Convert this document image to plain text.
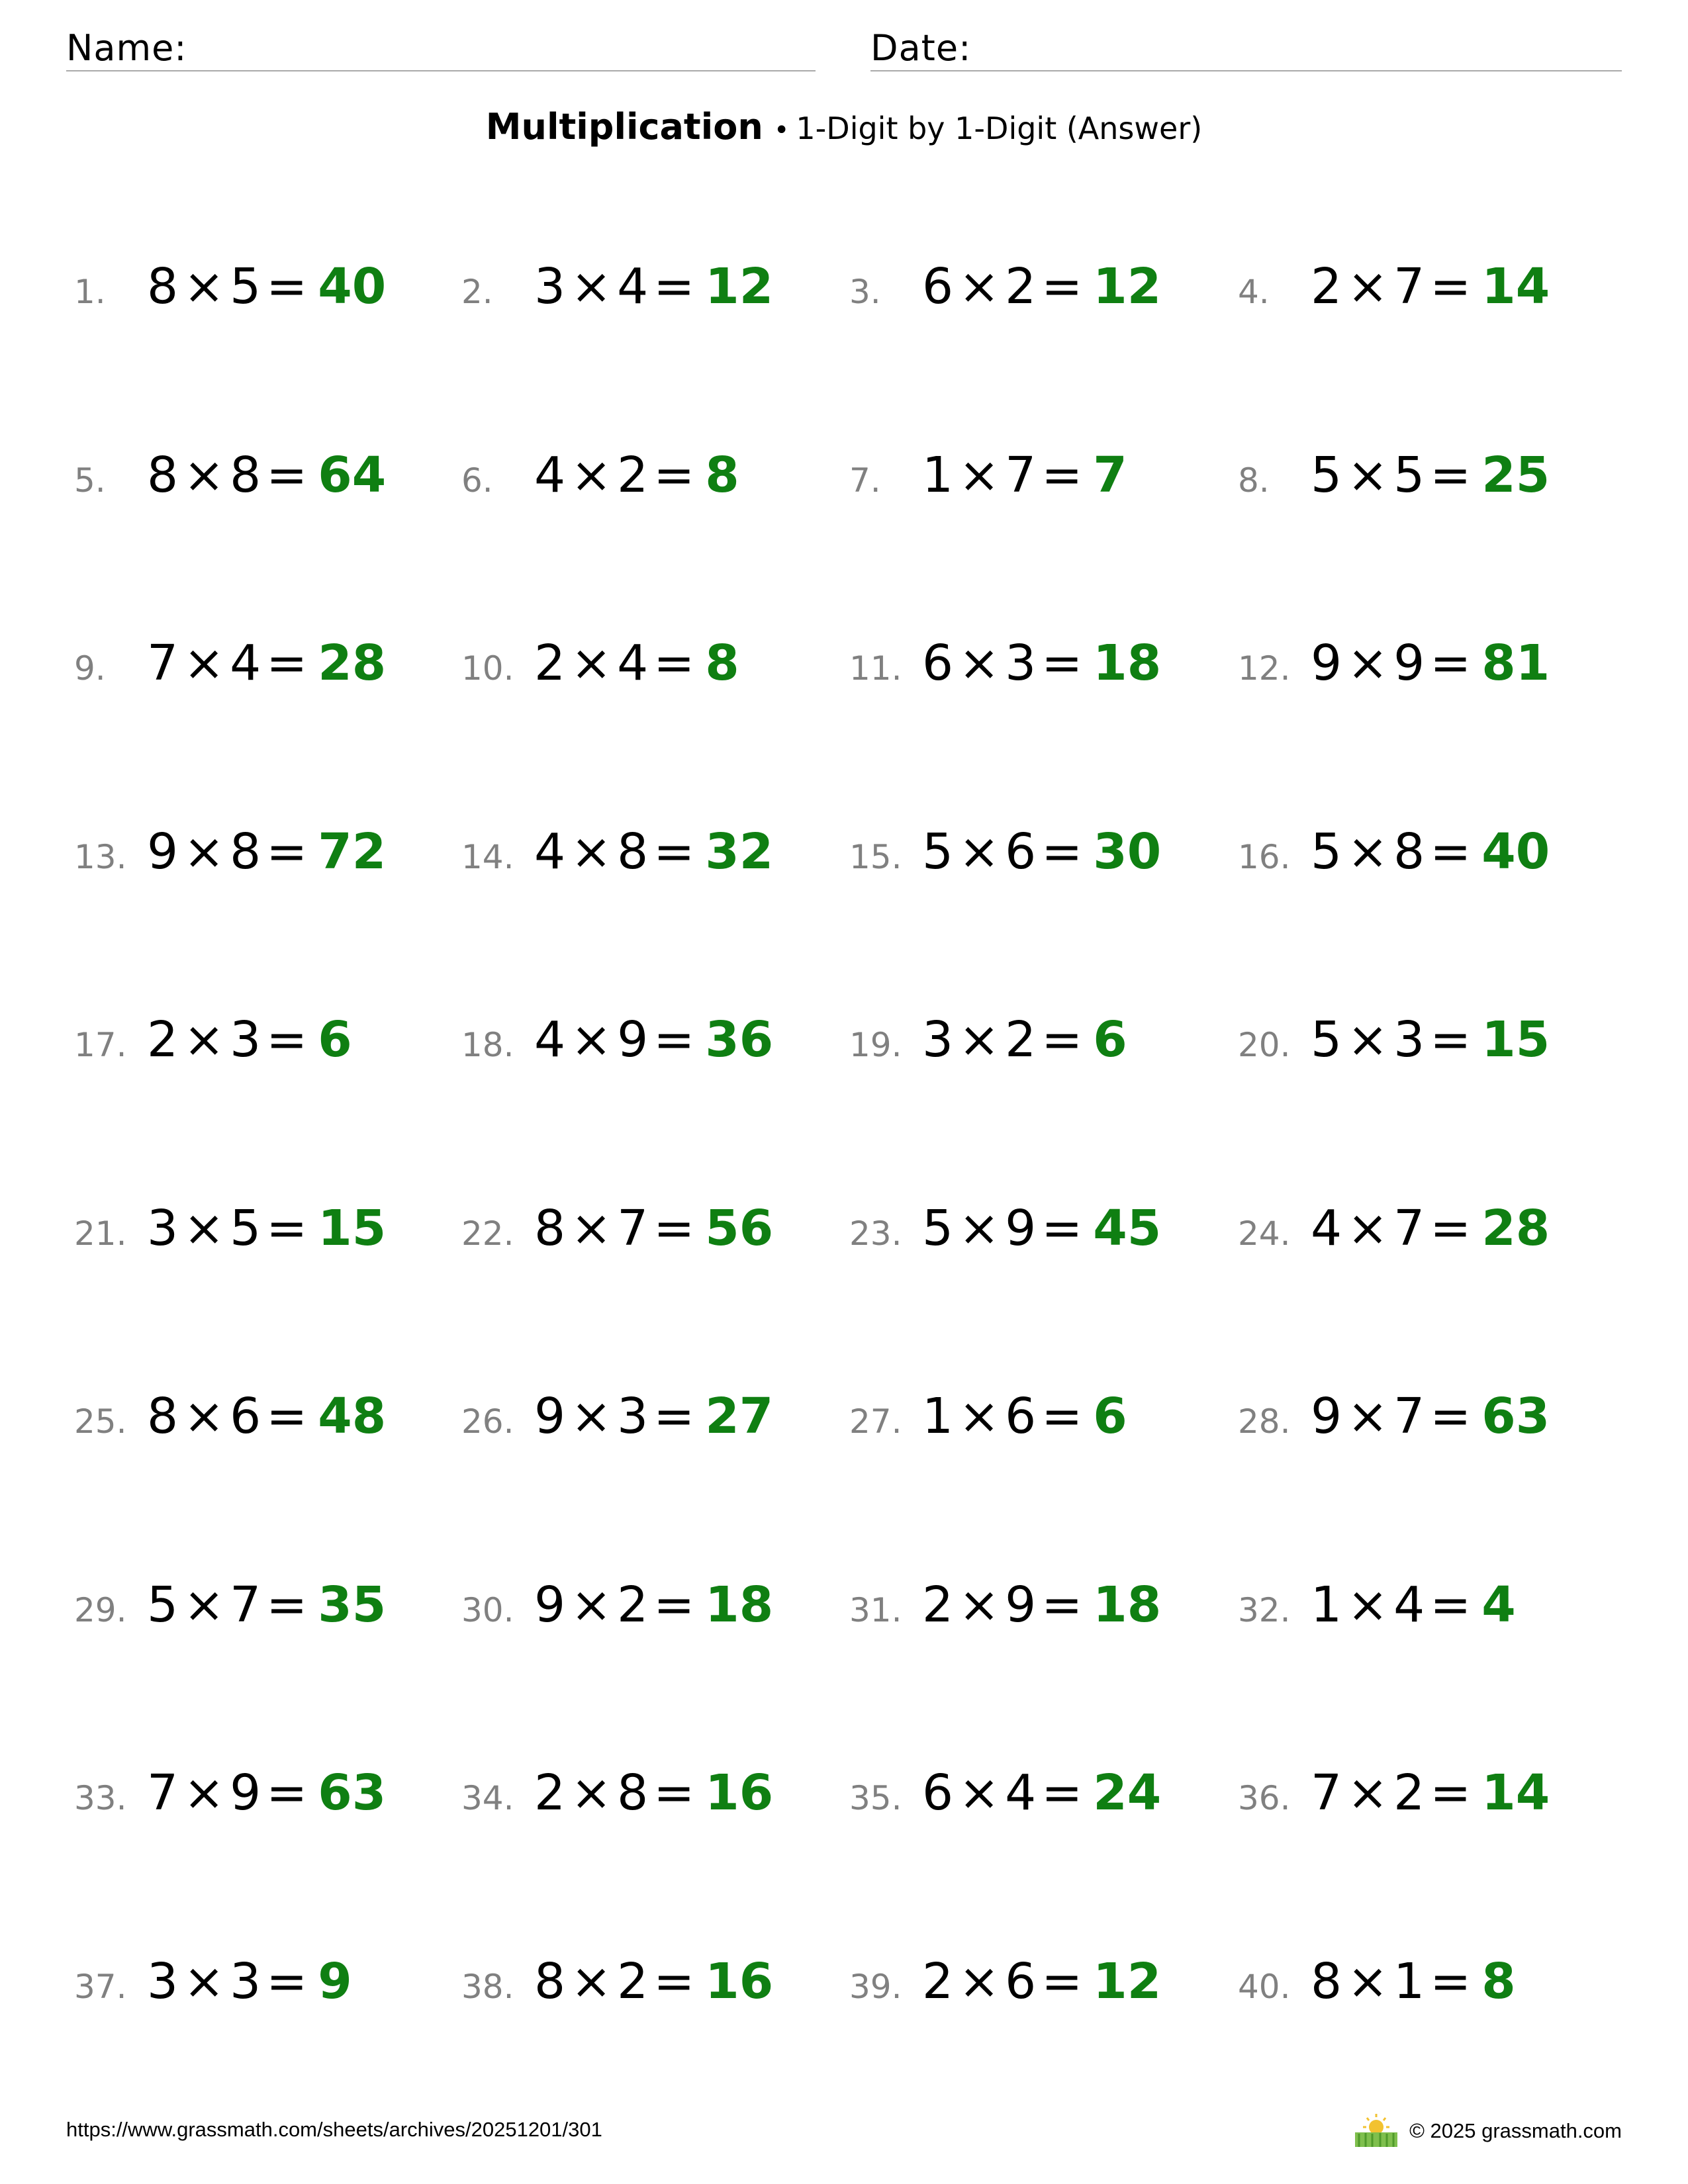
Name:	Date:
Multiplication • 1-Digit by 1-Digit (Answer)
1. 8 × 5 = 40 2. 3 × 4 = 12 3. 6 × 2 = 12 4. 2 × 7 = 14
5. 8 × 8 = 64 6. 4 × 2 = 8	7. 1 × 7 = 7	8. 5 × 5 = 25
9. 7 × 4 = 28 10. 2 × 4 = 8	11. 6 × 3 = 18 12. 9 × 9 = 81
13. 9 × 8 = 72 14. 4 × 8 = 32 15. 5 × 6 = 30 16. 5 × 8 = 40
17. 2 × 3 = 6	18. 4 × 9 = 36 19. 3 × 2 = 6	20. 5 × 3 = 15
21. 3 × 5 = 15 22. 8 × 7 = 56 23. 5 × 9 = 45 24. 4 × 7 = 28
25. 8 × 6 = 48 26. 9 × 3 = 27 27. 1 × 6 = 6	28. 9 × 7 = 63
29. 5 × 7 = 35 30. 9 × 2 = 18 31. 2 × 9 = 18 32. 1 × 4 = 4
33. 7 × 9 = 63 34. 2 × 8 = 16 35. 6 × 4 = 24 36. 7 × 2 = 14
37. 3 × 3 = 9	38. 8 × 2 = 16 39. 2 × 6 = 12 40. 8 × 1 = 8
https://www.grassmath.com/sheets/archives/20251201/301	© 2025 grassmath.com
